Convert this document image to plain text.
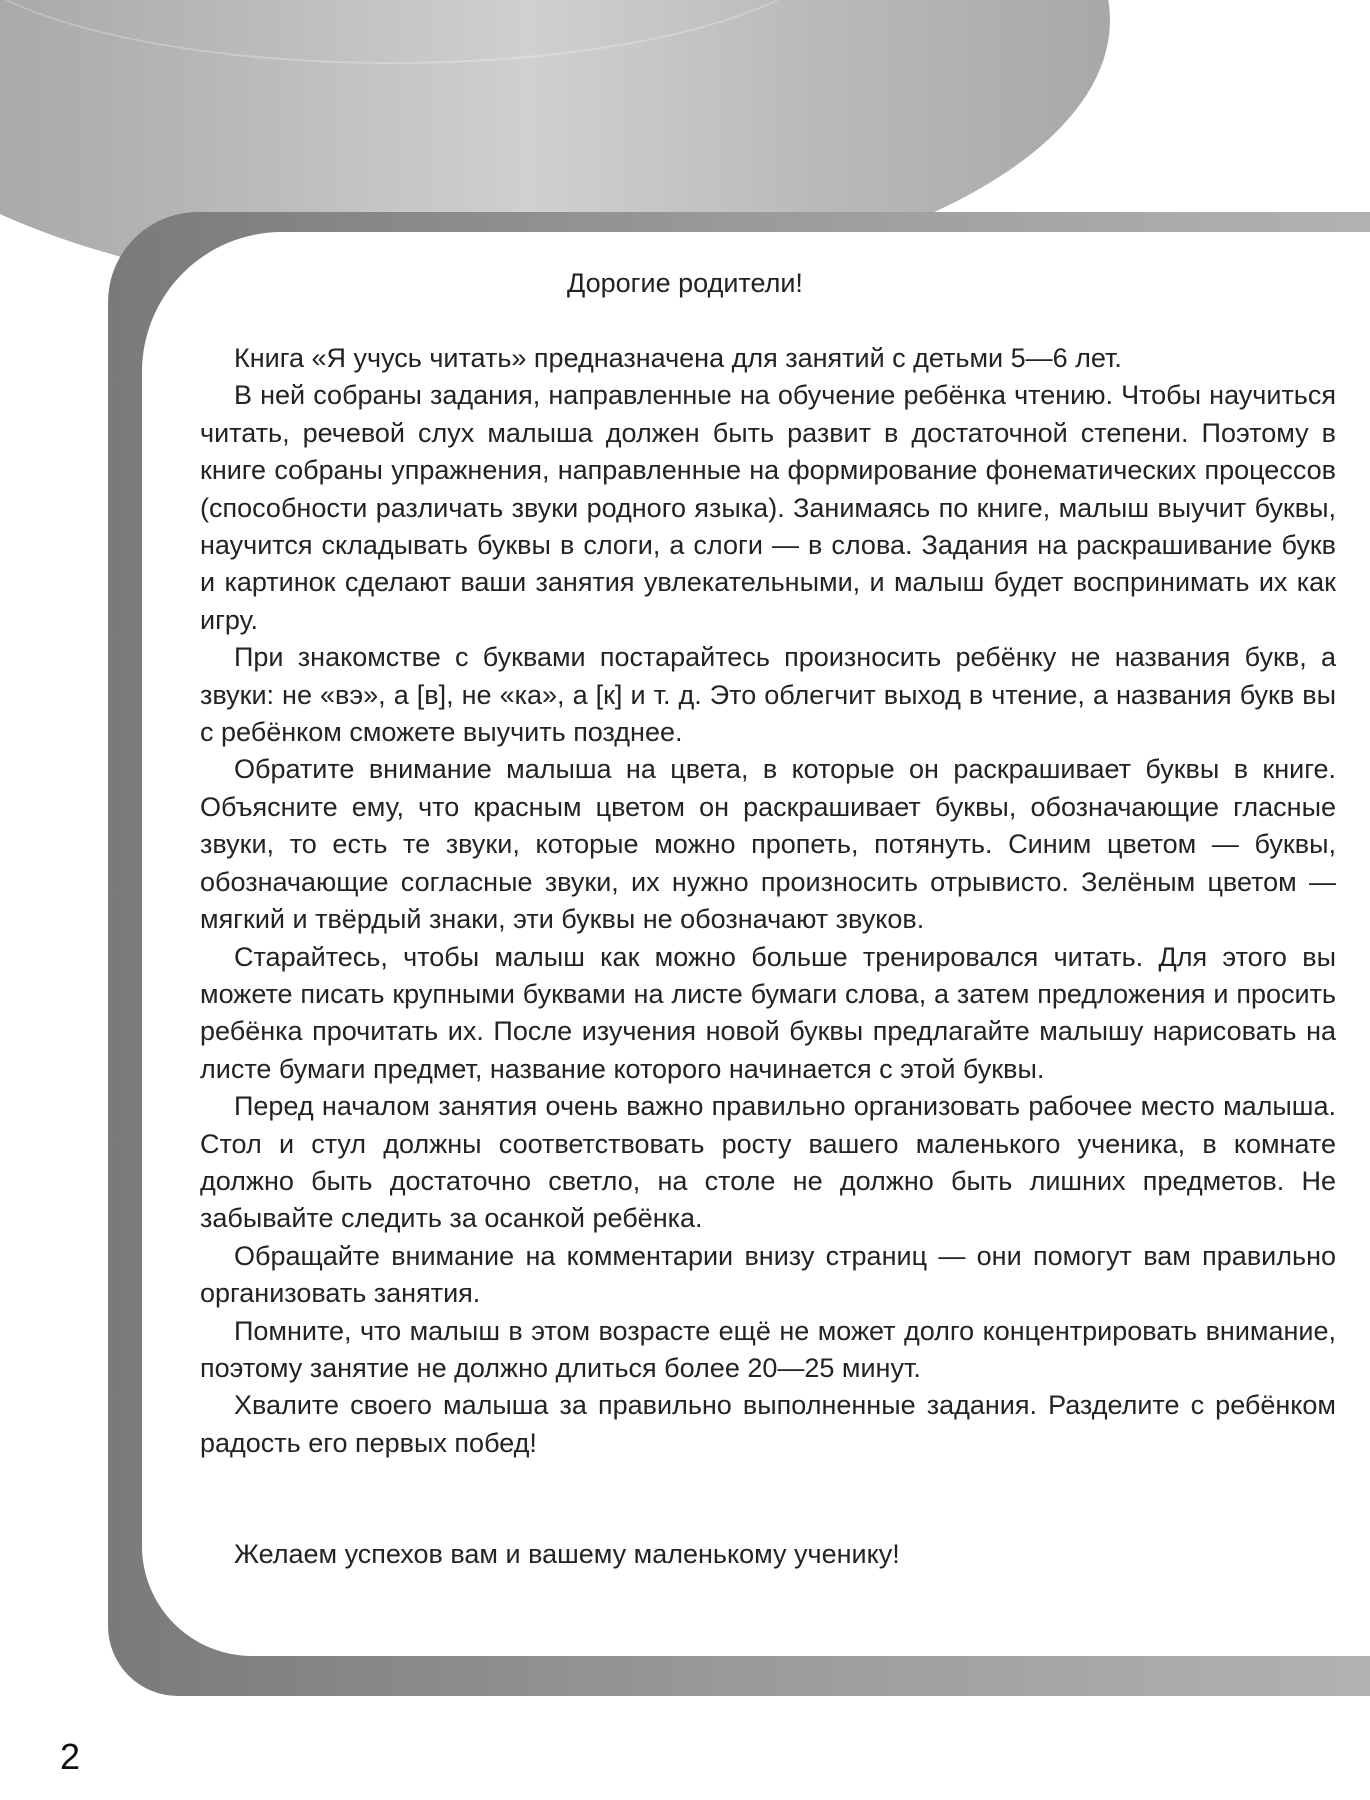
Дорогие родители!

Книга «Я учусь читать» предназначена для занятий с детьми 5—6 лет.

В ней собраны задания, направленные на обучение ребёнка чтению. Чтобы научиться читать, речевой слух малыша должен быть развит в достаточной степени. Поэтому в книге собраны упражнения, направленные на формирование фонематических процессов (способности различать звуки родного языка). Занимаясь по книге, малыш выучит буквы, научится складывать буквы в слоги, а слоги — в слова. Задания на раскрашивание букв и картинок сделают ваши занятия увлекательными, и малыш будет воспринимать их как игру.

При знакомстве с буквами постарайтесь произносить ребёнку не названия букв, а звуки: не «вэ», а [в], не «ка», а [к] и т. д. Это облегчит выход в чтение, а названия букв вы с ребёнком сможете выучить позднее.

Обратите внимание малыша на цвета, в которые он раскрашивает буквы в книге. Объясните ему, что красным цветом он раскрашивает буквы, обозначающие гласные звуки, то есть те звуки, которые можно пропеть, потянуть. Синим цветом — буквы, обозначающие согласные звуки, их нужно произносить отрывисто. Зелёным цветом — мягкий и твёрдый знаки, эти буквы не обозначают звуков.

Старайтесь, чтобы малыш как можно больше тренировался читать. Для этого вы можете писать крупными буквами на листе бумаги слова, а затем предложения и просить ребёнка прочитать их. После изучения новой буквы предлагайте малышу нарисовать на листе бумаги предмет, название которого начинается с этой буквы.

Перед началом занятия очень важно правильно организовать рабочее место малыша. Стол и стул должны соответствовать росту вашего маленького ученика, в комнате должно быть достаточно светло, на столе не должно быть лишних предметов. Не забывайте следить за осанкой ребёнка.

Обращайте внимание на комментарии внизу страниц — они помогут вам правильно организовать занятия.

Помните, что малыш в этом возрасте ещё не может долго концентрировать внимание, поэтому занятие не должно длиться более 20—25 минут.

Хвалите своего малыша за правильно выполненные задания. Разделите с ребёнком радость его первых побед!

Желаем успехов вам и вашему маленькому ученику!
2
